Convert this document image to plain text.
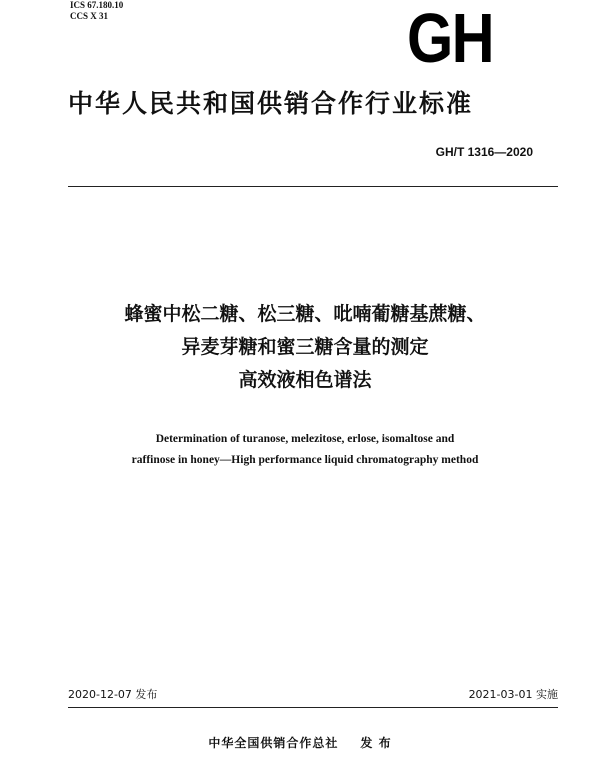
ICS 67.180.10
CCS X 31	GH
中华人民共和国供销合作行业标准
GH/T 1316—2020
蜂蜜中松二糖、松三糖、吡喃葡糖基蔗糖、
异麦芽糖和蜜三糖含量的测定
高效液相色谱法
Determination of turanose, melezitose, erlose, isomaltose and
raffinose in honey—High performance liquid chromatography method
2020-12-07 发布	2021-03-01 实施
中华全国供销合作总社 发 布
